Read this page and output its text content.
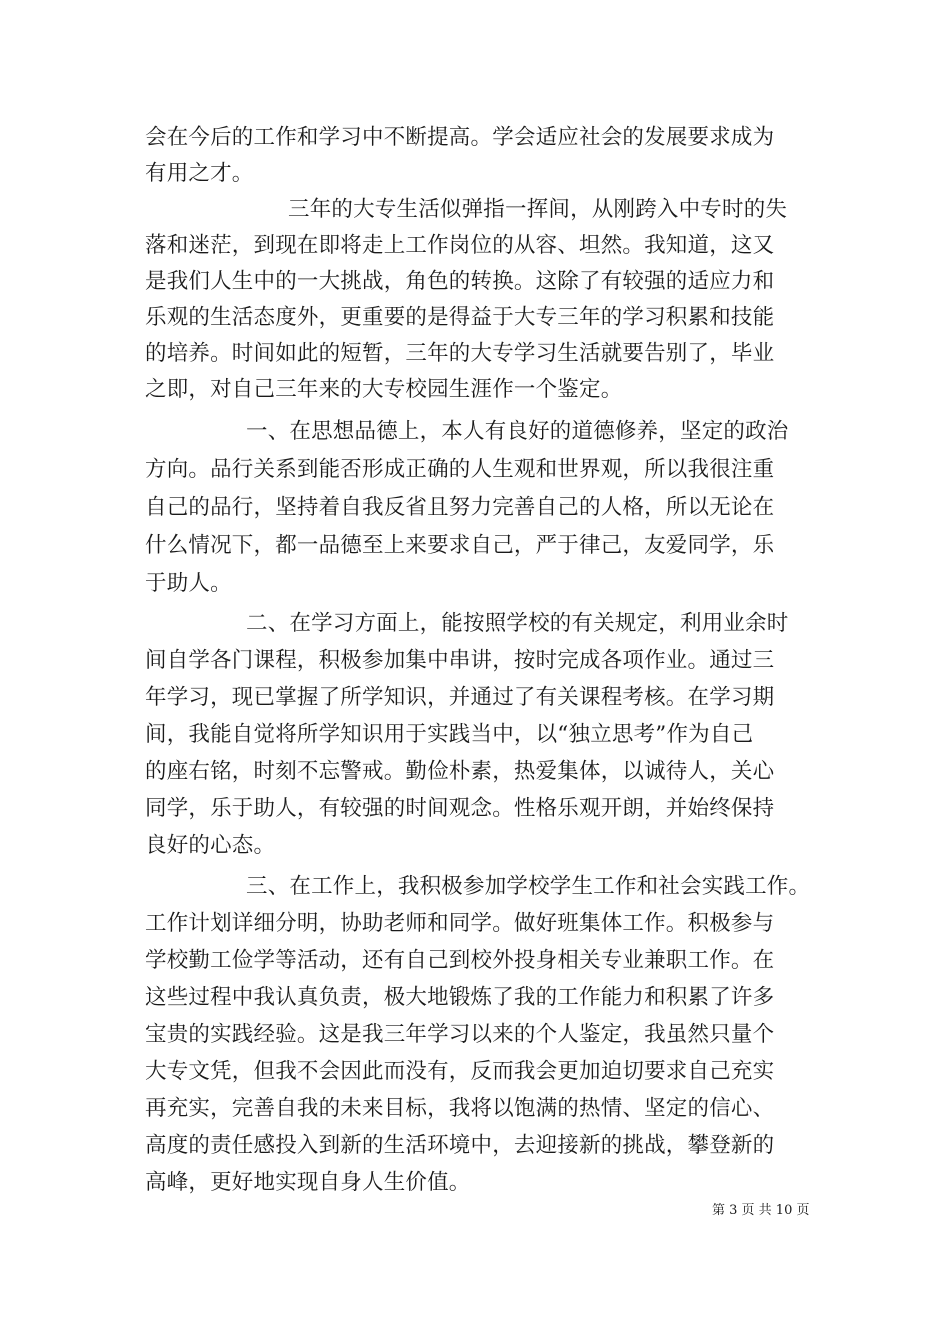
会在今后的工作和学习中不断提高。学会适应社会的发展要求成为
有用之才。
三年的大专生活似弹指一挥间，从刚跨入中专时的失
落和迷茫，到现在即将走上工作岗位的从容、坦然。我知道，这又
是我们人生中的一大挑战，角色的转换。这除了有较强的适应力和
乐观的生活态度外，更重要的是得益于大专三年的学习积累和技能
的培养。时间如此的短暂，三年的大专学习生活就要告别了，毕业
之即，对自己三年来的大专校园生涯作一个鉴定。
一、在思想品德上，本人有良好的道德修养，坚定的政治
方向。品行关系到能否形成正确的人生观和世界观，所以我很注重
自己的品行，坚持着自我反省且努力完善自己的人格，所以无论在
什么情况下，都一品德至上来要求自己，严于律己，友爱同学，乐
于助人。
二、在学习方面上，能按照学校的有关规定，利用业余时
间自学各门课程，积极参加集中串讲，按时完成各项作业。通过三
年学习，现已掌握了所学知识，并通过了有关课程考核。在学习期
间，我能自觉将所学知识用于实践当中，以“独立思考”作为自己
的座右铭，时刻不忘警戒。勤俭朴素，热爱集体，以诚待人，关心
同学，乐于助人，有较强的时间观念。性格乐观开朗，并始终保持
良好的心态。
三、在工作上，我积极参加学校学生工作和社会实践工作。
工作计划详细分明，协助老师和同学。做好班集体工作。积极参与
学校勤工俭学等活动，还有自己到校外投身相关专业兼职工作。在
这些过程中我认真负责，极大地锻炼了我的工作能力和积累了许多
宝贵的实践经验。这是我三年学习以来的个人鉴定，我虽然只量个
大专文凭，但我不会因此而没有，反而我会更加迫切要求自己充实
再充实，完善自我的未来目标，我将以饱满的热情、坚定的信心、
高度的责任感投入到新的生活环境中，去迎接新的挑战，攀登新的
高峰，更好地实现自身人生价值。
第 3 页 共 10 页
